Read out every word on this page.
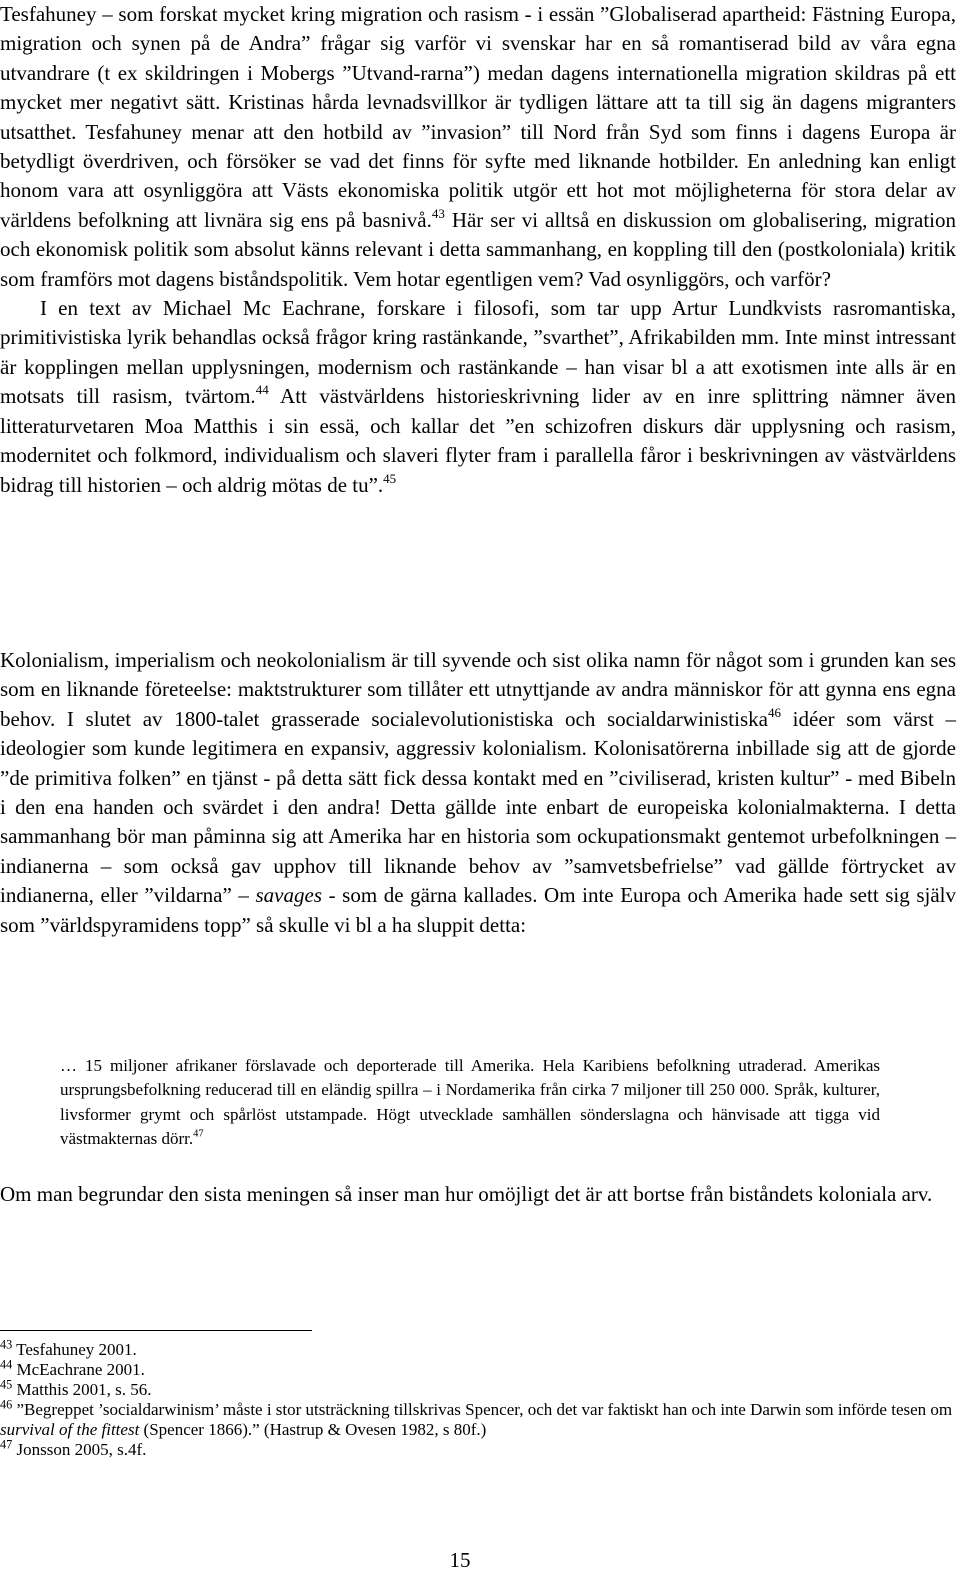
Tesfahuney – som forskat mycket kring migration och rasism - i essän ”Globaliserad apartheid: Fästning Europa, migration och synen på de Andra” frågar sig varför vi svenskar har en så romantiserad bild av våra egna utvandrare (t ex skildringen i Mobergs ”Utvand-rarna”) medan dagens internationella migration skildras på ett mycket mer negativt sätt. Kristinas hårda levnadsvillkor är tydligen lättare att ta till sig än dagens migranters utsatthet. Tesfahuney menar att den hotbild av ”invasion” till Nord från Syd som finns i dagens Europa är betydligt överdriven, och försöker se vad det finns för syfte med liknande hotbilder. En anledning kan enligt honom vara att osynliggöra att Västs ekonomiska politik utgör ett hot mot möjligheterna för stora delar av världens befolkning att livnära sig ens på basnivå.$^{43}$ Här ser vi alltså en diskussion om globalisering, migration och ekonomisk politik som absolut känns relevant i detta sammanhang, en koppling till den (postkoloniala) kritik som framförs mot dagens biståndspolitik. Vem hotar egentligen vem? Vad osynliggörs, och varför?

I en text av Michael Mc Eachrane, forskare i filosofi, som tar upp Artur Lundkvists rasromantiska, primitivistiska lyrik behandlas också frågor kring rastänkande, ”svarthet”, Afrikabilden mm. Inte minst intressant är kopplingen mellan upplysningen, modernism och rastänkande – han visar bl a att exotismen inte alls är en motsats till rasism, tvärtom.$^{44}$ Att västvärldens historieskrivning lider av en inre splittring nämner även litteraturvetaren Moa Matthis i sin essä, och kallar det ”en schizofren diskurs där upplysning och rasism, modernitet och folkmord, individualism och slaveri flyter fram i parallella fåror i beskrivningen av västvärldens bidrag till historien – och aldrig mötas de tu”.$^{45}$

Kolonialism, imperialism och neokolonialism är till syvende och sist olika namn för något som i grunden kan ses som en liknande företeelse: maktstrukturer som tillåter ett utnyttjande av andra människor för att gynna ens egna behov. I slutet av 1800-talet grasserade socialevolutionistiska och socialdarwinistiska$^{46}$ idéer som värst – ideologier som kunde legitimera en expansiv, aggressiv kolonialism. Kolonisatörerna inbillade sig att de gjorde ”de primitiva folken” en tjänst - på detta sätt fick dessa kontakt med en ”civiliserad, kristen kultur” - med Bibeln i den ena handen och svärdet i den andra! Detta gällde inte enbart de europeiska kolonialmakterna. I detta sammanhang bör man påminna sig att Amerika har en historia som ockupationsmakt gentemot urbefolkningen – indianerna – som också gav upphov till liknande behov av ”samvetsbefrielse” vad gällde förtrycket av indianerna, eller ”vildarna” – savages - som de gärna kallades. Om inte Europa och Amerika hade sett sig själv som ”världspyramidens topp” så skulle vi bl a ha sluppit detta:

… 15 miljoner afrikaner förslavade och deporterade till Amerika. Hela Karibiens befolkning utraderad. Amerikas ursprungsbefolkning reducerad till en eländig spillra – i Nordamerika från cirka 7 miljoner till 250 000. Språk, kulturer, livsformer grymt och spårlöst utstampade. Högt utvecklade samhällen sönderslagna och hänvisade att tigga vid västmakternas dörr.$^{47}$

Om man begrundar den sista meningen så inser man hur omöjligt det är att bortse från biståndets koloniala arv.

$^{43}$ Tesfahuney 2001.

$^{44}$ McEachrane 2001.

$^{45}$ Matthis 2001, s. 56.

$^{46}$ ”Begreppet ’socialdarwinism’ måste i stor utsträckning tillskrivas Spencer, och det var faktiskt han och inte Darwin som införde tesen om survival of the fittest (Spencer 1866).” (Hastrup & Ovesen 1982, s 80f.)

$^{47}$ Jonsson 2005, s.4f.

15
